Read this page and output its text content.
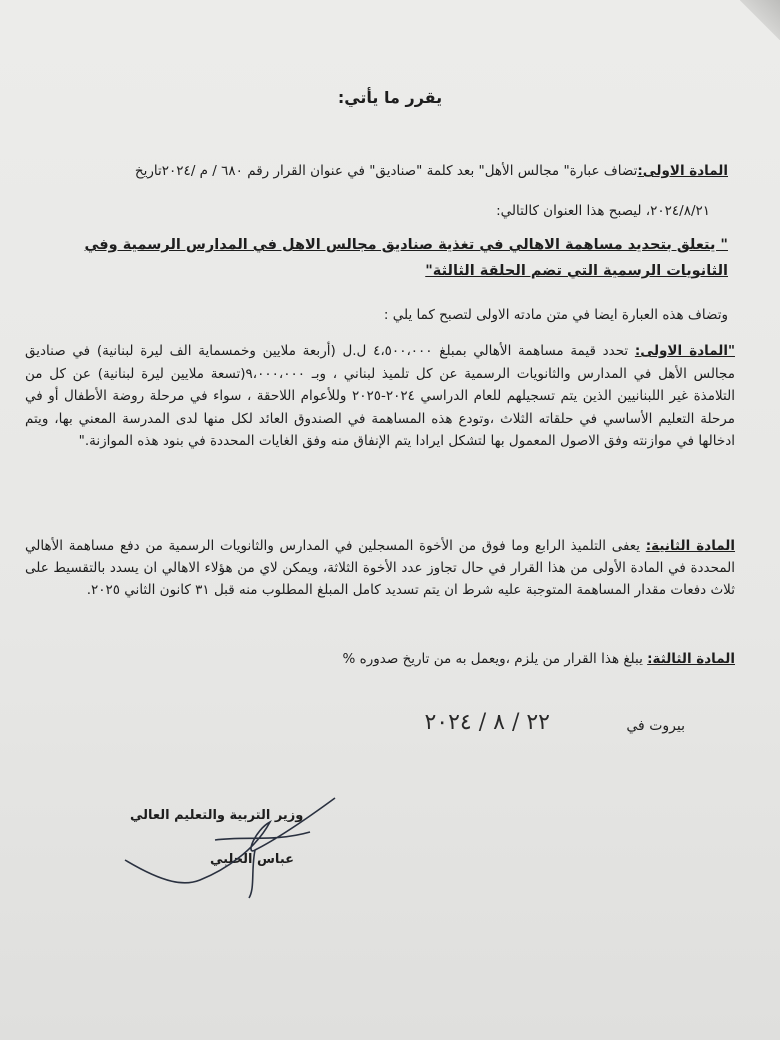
يقرر ما يأتي:
المادة الاولى:تضاف عبارة" مجالس الأهل" بعد كلمة "صناديق" في عنوان القرار رقم ٦٨٠ / م /٢٠٢٤تاريخ
٢٠٢٤/٨/٢١، ليصبح هذا العنوان كالتالي:
" يتعلق بتحديد مساهمة الاهالي في تغذية صناديق مجالس الاهل في المدارس الرسمية وفي الثانويات الرسمية التي تضم الحلقة الثالثة"
وتضاف هذه العبارة ايضا في متن مادته الاولى لتصبح كما يلي :
"المادة الاولى: تحدد قيمة مساهمة الأهالي بمبلغ ٤،٥٠٠،٠٠٠ ل.ل (أربعة ملايين وخمسماية الف ليرة لبنانية) في صناديق مجالس الأهل في المدارس والثانويات الرسمية عن كل تلميذ لبناني ، وبـ ٩،٠٠٠،٠٠٠(تسعة ملايين ليرة لبنانية) عن كل من التلامذة غير اللبنانيين الذين يتم تسجيلهم للعام الدراسي ٢٠٢٤-٢٠٢٥ وللأعوام اللاحقة ، سواء في مرحلة روضة الأطفال أو في مرحلة التعليم الأساسي في حلقاته الثلاث ،وتودع هذه المساهمة في الصندوق العائد لكل منها لدى المدرسة المعني بها، ويتم ادخالها في موازنته وفق الاصول المعمول بها لتشكل ايرادا يتم الإنفاق منه وفق الغايات المحددة في بنود هذه الموازنة."
المادة الثانية: يعفى التلميذ الرابع وما فوق من الأخوة المسجلين في المدارس والثانويات الرسمية من دفع مساهمة الأهالي المحددة في المادة الأولى من هذا القرار في حال تجاوز عدد الأخوة الثلاثة، ويمكن لاي من هؤلاء الاهالي ان يسدد بالتقسيط على ثلاث دفعات مقدار المساهمة المتوجبة عليه شرط ان يتم تسديد كامل المبلغ المطلوب منه قبل ٣١ كانون الثاني ٢٠٢٥.
المادة الثالثة: يبلغ هذا القرار من يلزم ،ويعمل به من تاريخ صدوره %
بيروت في
٢٢ / ٨ / ٢٠٢٤
وزير التربية والتعليم العالي
عباس الحلبي
